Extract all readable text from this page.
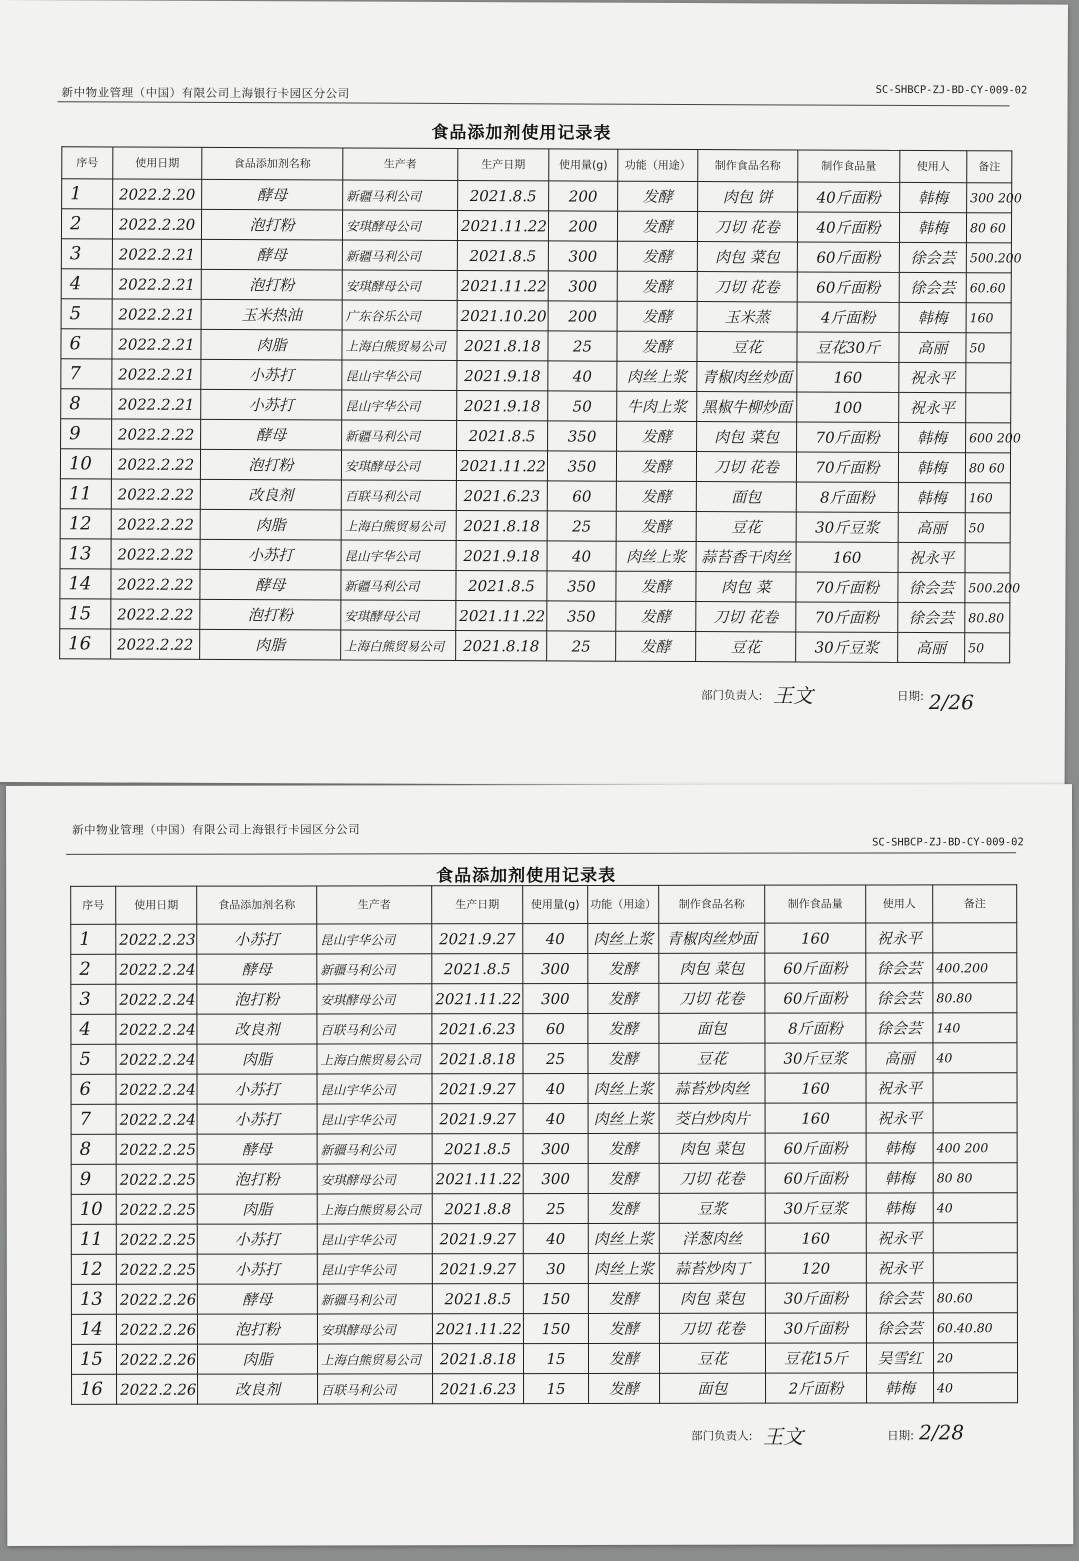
新中物业管理（中国）有限公司上海银行卡园区分公司	SC-SHBCP-ZJ-BD-CY-009-02
食品添加剂使用记录表
序号	使用日期	食品添加剂名称	生产者	生产日期	使用量(g)	功能（用途）	制作食品名称	制作食品量	使用人	备注
1	2022.2.20	酵母	新疆马利公司	2021.8.5	200	发酵	肉包 饼	40斤面粉	韩梅	300 200
2	2022.2.20	泡打粉	安琪酵母公司	2021.11.22	200	发酵	刀切 花卷	40斤面粉	韩梅	80 60
3	2022.2.21	酵母	新疆马利公司	2021.8.5	300	发酵	肉包 菜包	60斤面粉	徐会芸	500.200
4	2022.2.21	泡打粉	安琪酵母公司	2021.11.22	300	发酵	刀切 花卷	60斤面粉	徐会芸	60.60
5	2022.2.21	玉米热油	广东谷乐公司	2021.10.20	200	发酵	玉米蒸	4斤面粉	韩梅	160
6	2022.2.21	肉脂	上海白熊贸易公司	2021.8.18	25	发酵	豆花	豆花30斤	高丽	50
7	2022.2.21	小苏打	昆山宇华公司	2021.9.18	40	肉丝上浆	青椒肉丝炒面	160	祝永平	
8	2022.2.21	小苏打	昆山宇华公司	2021.9.18	50	牛肉上浆	黑椒牛柳炒面	100	祝永平	
9	2022.2.22	酵母	新疆马利公司	2021.8.5	350	发酵	肉包 菜包	70斤面粉	韩梅	600 200
10	2022.2.22	泡打粉	安琪酵母公司	2021.11.22	350	发酵	刀切 花卷	70斤面粉	韩梅	80 60
11	2022.2.22	改良剂	百联马利公司	2021.6.23	60	发酵	面包	8斤面粉	韩梅	160
12	2022.2.22	肉脂	上海白熊贸易公司	2021.8.18	25	发酵	豆花	30斤豆浆	高丽	50
13	2022.2.22	小苏打	昆山宇华公司	2021.9.18	40	肉丝上浆	蒜苔香干肉丝	160	祝永平	
14	2022.2.22	酵母	新疆马利公司	2021.8.5	350	发酵	肉包 菜	70斤面粉	徐会芸	500.200
15	2022.2.22	泡打粉	安琪酵母公司	2021.11.22	350	发酵	刀切 花卷	70斤面粉	徐会芸	80.80
16	2022.2.22	肉脂	上海白熊贸易公司	2021.8.18	25	发酵	豆花	30斤豆浆	高丽	50
部门负责人: 王文	日期: 2/26
新中物业管理（中国）有限公司上海银行卡园区分公司
SC-SHBCP-ZJ-BD-CY-009-02
食品添加剂使用记录表
序号	使用日期	食品添加剂名称	生产者	生产日期	使用量(g)	功能（用途）	制作食品名称	制作食品量	使用人	备注
1	2022.2.23	小苏打	昆山宇华公司	2021.9.27	40	肉丝上浆	青椒肉丝炒面	160	祝永平	
2	2022.2.24	酵母	新疆马利公司	2021.8.5	300	发酵	肉包 菜包	60斤面粉	徐会芸	400.200
3	2022.2.24	泡打粉	安琪酵母公司	2021.11.22	300	发酵	刀切 花卷	60斤面粉	徐会芸	80.80
4	2022.2.24	改良剂	百联马利公司	2021.6.23	60	发酵	面包	8斤面粉	徐会芸	140
5	2022.2.24	肉脂	上海白熊贸易公司	2021.8.18	25	发酵	豆花	30斤豆浆	高丽	40
6	2022.2.24	小苏打	昆山宇华公司	2021.9.27	40	肉丝上浆	蒜苔炒肉丝	160	祝永平	
7	2022.2.24	小苏打	昆山宇华公司	2021.9.27	40	肉丝上浆	茭白炒肉片	160	祝永平	
8	2022.2.25	酵母	新疆马利公司	2021.8.5	300	发酵	肉包 菜包	60斤面粉	韩梅	400 200
9	2022.2.25	泡打粉	安琪酵母公司	2021.11.22	300	发酵	刀切 花卷	60斤面粉	韩梅	80 80
10	2022.2.25	肉脂	上海白熊贸易公司	2021.8.8	25	发酵	豆浆	30斤豆浆	韩梅	40
11	2022.2.25	小苏打	昆山宇华公司	2021.9.27	40	肉丝上浆	洋葱肉丝	160	祝永平	
12	2022.2.25	小苏打	昆山宇华公司	2021.9.27	30	肉丝上浆	蒜苔炒肉丁	120	祝永平	
13	2022.2.26	酵母	新疆马利公司	2021.8.5	150	发酵	肉包 菜包	30斤面粉	徐会芸	80.60
14	2022.2.26	泡打粉	安琪酵母公司	2021.11.22	150	发酵	刀切 花卷	30斤面粉	徐会芸	60.40.80
15	2022.2.26	肉脂	上海白熊贸易公司	2021.8.18	15	发酵	豆花	豆花15斤	吴雪红	20
16	2022.2.26	改良剂	百联马利公司	2021.6.23	15	发酵	面包	2斤面粉	韩梅	40
部门负责人: 王文	日期: 2/28
